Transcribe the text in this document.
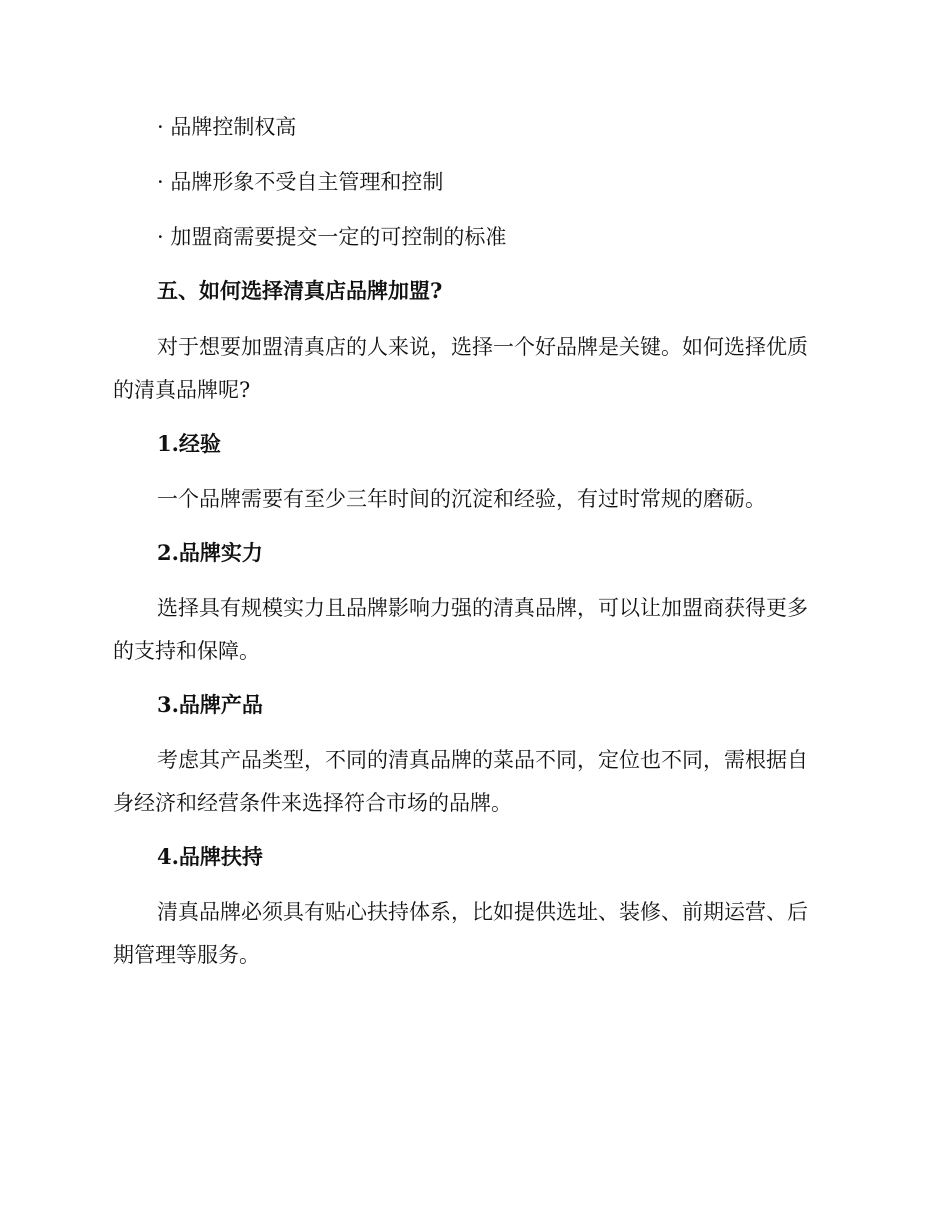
· 品牌控制权高
· 品牌形象不受自主管理和控制
· 加盟商需要提交一定的可控制的标准
五、如何选择清真店品牌加盟?
对于想要加盟清真店的人来说，选择一个好品牌是关键。如何选择优质
的清真品牌呢?
1.经验
一个品牌需要有至少三年时间的沉淀和经验，有过时常规的磨砺。
2.品牌实力
选择具有规模实力且品牌影响力强的清真品牌，可以让加盟商获得更多
的支持和保障。
3.品牌产品
考虑其产品类型，不同的清真品牌的菜品不同，定位也不同，需根据自
身经济和经营条件来选择符合市场的品牌。
4.品牌扶持
清真品牌必须具有贴心扶持体系，比如提供选址、装修、前期运营、后
期管理等服务。
